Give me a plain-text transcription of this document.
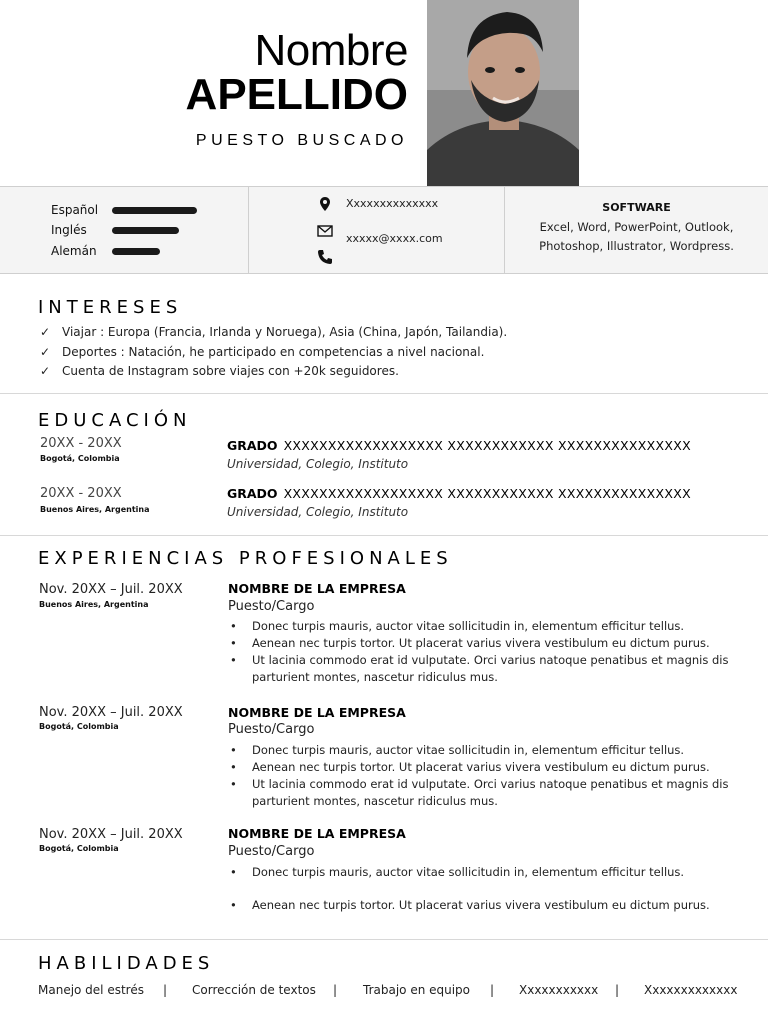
Nombre
APELLIDO
PUESTO BUSCADO
Español
Inglés
Alemán
Xxxxxxxxxxxxxx
xxxxx@xxxx.com
SOFTWARE
Excel, Word, PowerPoint, Outlook,
Photoshop, Illustrator, Wordpress.
INTERESES
✓ Viajar : Europa (Francia, Irlanda y Noruega), Asia (China, Japón, Tailandia).
✓ Deportes : Natación, he participado en competencias a nivel nacional.
✓ Cuenta de Instagram sobre viajes con +20k seguidores.
EDUCACIÓN
20XX - 20XX
Bogotá, Colombia
GRADO XXXXXXXXXXXXXXXXXX XXXXXXXXXXXX XXXXXXXXXXXXXXX
Universidad, Colegio, Instituto
20XX - 20XX
Buenos Aires, Argentina
GRADO XXXXXXXXXXXXXXXXXX XXXXXXXXXXXX XXXXXXXXXXXXXXX
Universidad, Colegio, Instituto
EXPERIENCIAS PROFESIONALES
Nov. 20XX – Juil. 20XX
Buenos Aires, Argentina
NOMBRE DE LA EMPRESA
Puesto/Cargo
•	Donec turpis mauris, auctor vitae sollicitudin in, elementum efficitur tellus.
•	Aenean nec turpis tortor. Ut placerat varius vivera vestibulum eu dictum purus.
•	Ut lacinia commodo erat id vulputate. Orci varius natoque penatibus et magnis dis parturient montes, nascetur ridiculus mus.
Nov. 20XX – Juil. 20XX
Bogotá, Colombia
NOMBRE DE LA EMPRESA
Puesto/Cargo
•	Donec turpis mauris, auctor vitae sollicitudin in, elementum efficitur tellus.
•	Aenean nec turpis tortor. Ut placerat varius vivera vestibulum eu dictum purus.
•	Ut lacinia commodo erat id vulputate. Orci varius natoque penatibus et magnis dis parturient montes, nascetur ridiculus mus.
Nov. 20XX – Juil. 20XX
Bogotá, Colombia
NOMBRE DE LA EMPRESA
Puesto/Cargo
•	Donec turpis mauris, auctor vitae sollicitudin in, elementum efficitur tellus.
•	Aenean nec turpis tortor. Ut placerat varius vivera vestibulum eu dictum purus.
HABILIDADES
Manejo del estrés | Corrección de textos | Trabajo en equipo | Xxxxxxxxxxx | Xxxxxxxxxxxxx
